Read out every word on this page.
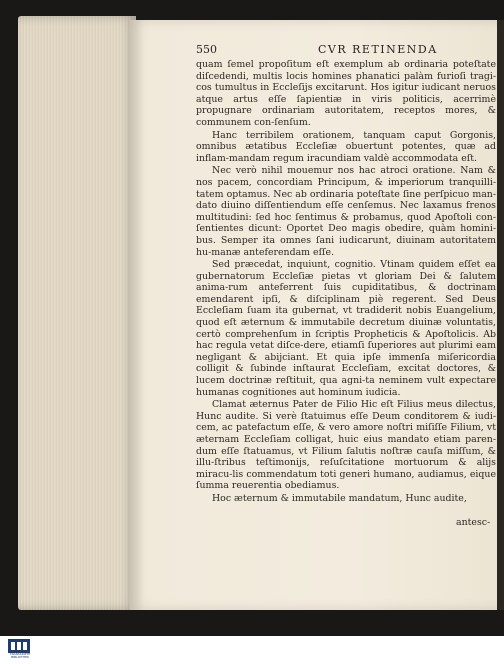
550	CVR RETINENDA

quam ſemel propoſitum eſt exemplum ab ordinaria poteſtate diſcedendi, multis locis homines phanatici palàm furioſi tragi-cos tumultus in Eccleſijs excitarunt. Hos igitur iudicant neruos atque artus eſſe ſapientiæ in viris politicis, acerrimè propugnare ordinariam autoritatem, receptos mores, & communem con-ſenſum.

Hanc terribilem orationem, tanquam caput Gorgonis, omnibus ætatibus Eccleſiæ obuertunt potentes, quæ ad inflam-mandam regum iracundiam valdè accommodata eſt.

Nec verò nihil mouemur nos hac atroci oratione. Nam & nos pacem, concordiam Principum, & imperiorum tranquilli-tatem optamus. Nec ab ordinaria poteſtate ſine perſpicuo man-dato diuino diſſentiendum eſſe cenſemus. Nec laxamus frenos multitudini: ſed hoc ſentimus & probamus, quod Apoſtoli con-ſentientes dicunt: Oportet Deo magis obedire, quàm homini-bus. Semper ita omnes ſani iudicarunt, diuinam autoritatem hu-manæ anteferendam eſſe.

Sed præcedat, inquiunt, cognitio. Vtinam quidem eſſet ea gubernatorum Eccleſiæ pietas vt gloriam Dei & ſalutem anima-rum anteferrent ſuis cupiditatibus, & doctrinam emendarent ipſi, & diſciplinam piè regerent. Sed Deus Eccleſiam ſuam ita gubernat, vt tradiderit nobis Euangelium, quod eſt æternum & immutabile decretum diuinæ voluntatis, certò comprehenſum in ſcriptis Propheticis & Apoſtolicis. Ab hac regula vetat diſce-dere, etiamſi ſuperiores aut plurimi eam negligant & abijciant. Et quia ipſe immenſa miſericordia colligit & ſubinde inſtaurat Eccleſiam, excitat doctores, & lucem doctrinæ reſtituit, qua agni-ta neminem vult expectare humanas cognitiones aut hominum iudicia.

Clamat æternus Pater de Filio Hic eſt Filius meus dilectus, Hunc audite. Si verè ſtatuimus eſſe Deum conditorem & iudi-cem, ac patefactum eſſe, & vero amore noſtri miſiſſe Filium, vt æternam Eccleſiam colligat, huic eius mandato etiam paren-dum eſſe ſtatuamus, vt Filium ſalutis noſtræ cauſa miſſum, & illu-ſtribus teſtimonijs, reſuſcitatione mortuorum & alijs miracu-lis commendatum toti generi humano, audiamus, eique ſumma reuerentia obediamus.

Hoc æternum & immutabile mandatum, Hunc audite,

antesc-
TRANSKRIPTE BIBLIOTHEK
